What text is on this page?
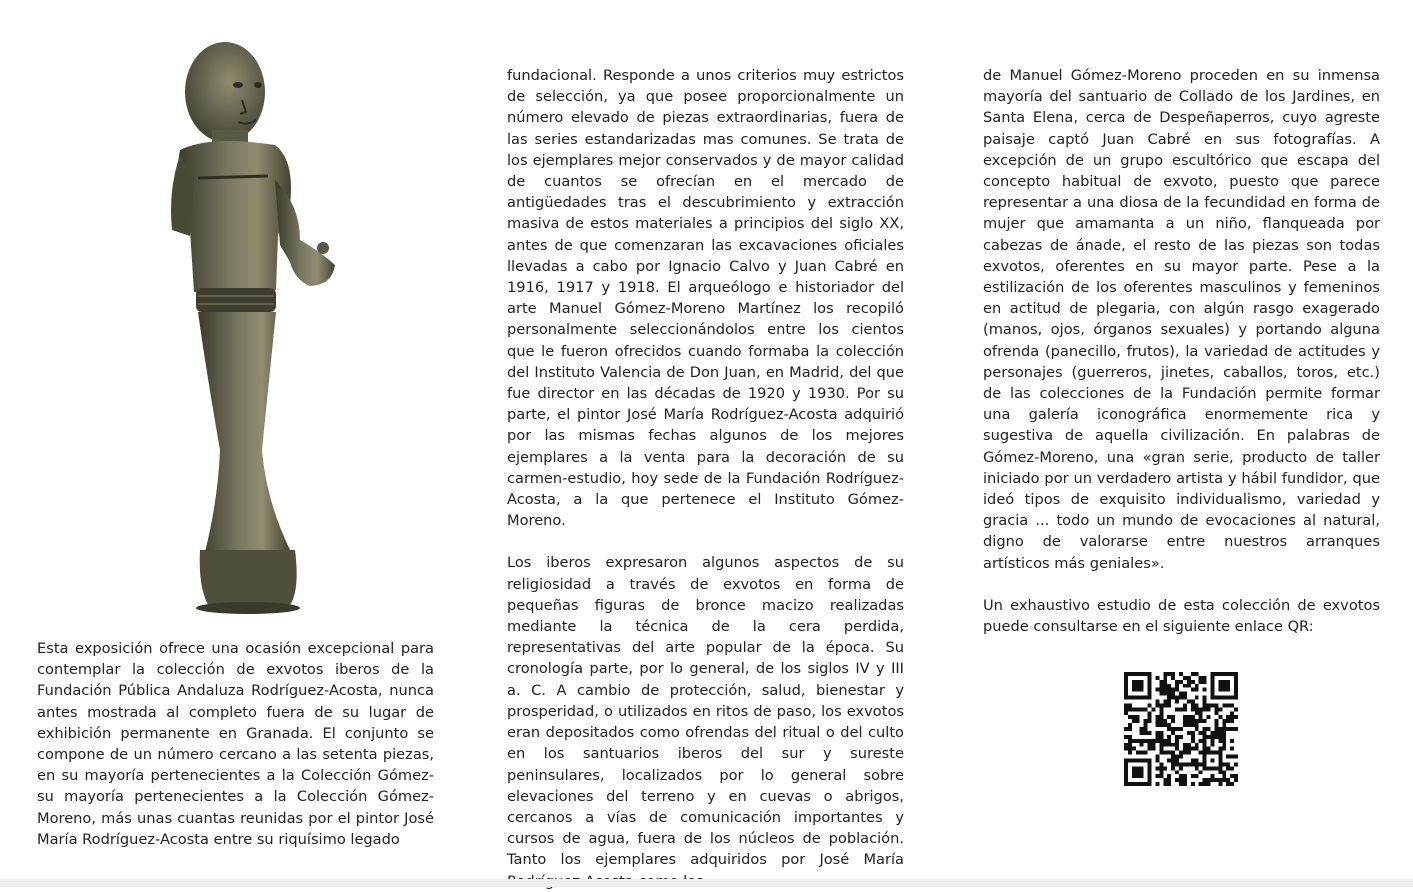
Esta exposición ofrece una ocasión excepcional para contemplar la colección de exvotos iberos de la Fundación Pública Andaluza Rodríguez-Acosta, nunca antes mostrada al completo fuera de su lugar de exhibición permanente en Granada. El conjunto se compone de un número cercano a las setenta piezas, en su mayoría pertenecientes a la Colección Gómez-su mayoría pertenecientes a la Colección Gómez-Moreno, más unas cuantas reunidas por el pintor José María Rodríguez-Acosta entre su riquísimo legado

fundacional. Responde a unos criterios muy estrictos de selección, ya que posee proporcionalmente un número elevado de piezas extraordinarias, fuera de las series estandarizadas mas comunes. Se trata de los ejemplares mejor conservados y de mayor calidad de cuantos se ofrecían en el mercado de antigüedades tras el descubrimiento y extracción masiva de estos materiales a principios del siglo XX, antes de que comenzaran las excavaciones oficiales llevadas a cabo por Ignacio Calvo y Juan Cabré en 1916, 1917 y 1918. El arqueólogo e historiador del arte Manuel Gómez-Moreno Martínez los recopiló personalmente seleccionándolos entre los cientos que le fueron ofrecidos cuando formaba la colección del Instituto Valencia de Don Juan, en Madrid, del que fue director en las décadas de 1920 y 1930. Por su parte, el pintor José María Rodríguez-Acosta adquirió por las mismas fechas algunos de los mejores ejemplares a la venta para la decoración de su carmen-estudio, hoy sede de la Fundación Rodríguez-Acosta, a la que pertenece el Instituto Gómez-Moreno.

Los iberos expresaron algunos aspectos de su religiosidad a través de exvotos en forma de pequeñas figuras de bronce macizo realizadas mediante la técnica de la cera perdida, representativas del arte popular de la época. Su cronología parte, por lo general, de los siglos IV y III a. C. A cambio de protección, salud, bienestar y prosperidad, o utilizados en ritos de paso, los exvotos eran depositados como ofrendas del ritual o del culto en los santuarios iberos del sur y sureste peninsulares, localizados por lo general sobre elevaciones del terreno y en cuevas o abrigos, cercanos a vías de comunicación importantes y cursos de agua, fuera de los núcleos de población. Tanto los ejemplares adquiridos por José María

de Manuel Gómez-Moreno proceden en su inmensa mayoría del santuario de Collado de los Jardines, en Santa Elena, cerca de Despeñaperros, cuyo agreste paisaje captó Juan Cabré en sus fotografías. A excepción de un grupo escultórico que escapa del concepto habitual de exvoto, puesto que parece representar a una diosa de la fecundidad en forma de mujer que amamanta a un niño, flanqueada por cabezas de ánade, el resto de las piezas son todas exvotos, oferentes en su mayor parte. Pese a la estilización de los oferentes masculinos y femeninos en actitud de plegaria, con algún rasgo exagerado (manos, ojos, órganos sexuales) y portando alguna ofrenda (panecillo, frutos), la variedad de actitudes y personajes (guerreros, jinetes, caballos, toros, etc.) de las colecciones de la Fundación permite formar una galería iconográfica enormemente rica y sugestiva de aquella civilización. En palabras de Gómez-Moreno, una «gran serie, producto de taller iniciado por un verdadero artista y hábil fundidor, que ideó tipos de exquisito individualismo, variedad y gracia ... todo un mundo de evocaciones al natural, digno de valorarse entre nuestros arranques artísticos más geniales».

Un exhaustivo estudio de esta colección de exvotos puede consultarse en el siguiente enlace QR:
